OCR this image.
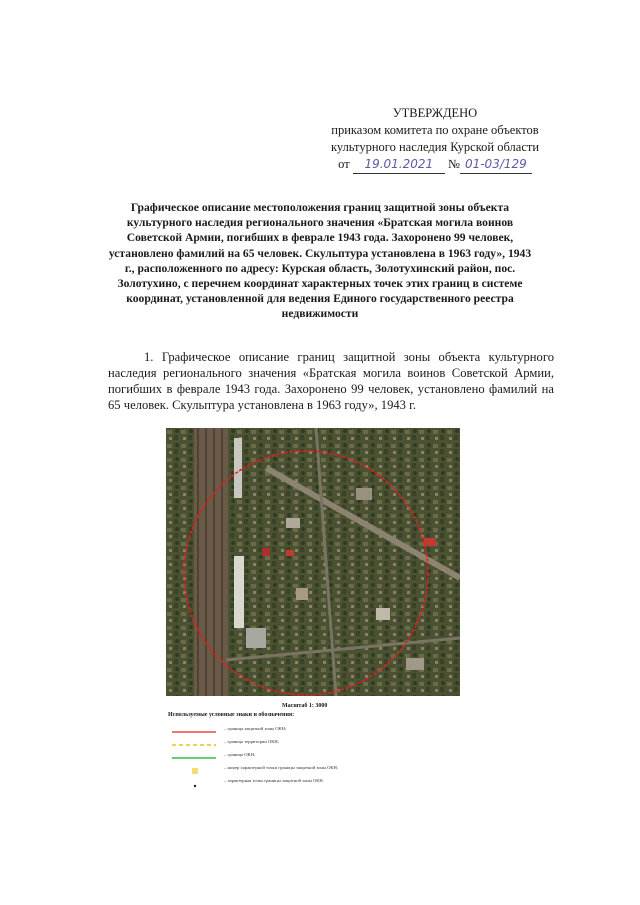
УТВЕРЖДЕНО
приказом комитета по охране объектов
культурного наследия Курской области
от 19.01.2021 № 01-03/129
Графическое описание местоположения границ защитной зоны объекта культурного наследия регионального значения «Братская могила воинов Советской Армии, погибших в феврале 1943 года. Захоронено 99 человек, установлено фамилий на 65 человек. Скульптура установлена в 1963 году», 1943 г., расположенного по адресу: Курская область, Золотухинский район, пос. Золотухино, с перечнем координат характерных точек этих границ в системе координат, установленной для ведения Единого государственного реестра недвижимости
1. Графическое описание границ защитной зоны объекта культурного наследия регионального значения «Братская могила воинов Советской Армии, погибших в феврале 1943 года. Захоронено 99 человек, установлено фамилий на 65 человек. Скульптура установлена в 1963 году», 1943 г.
Масштаб 1: 3000
Используемые условные знаки и обозначения:
– граница защитной зоны ОКН;
– граница территории ОКН;
– граница ОКН;
– номер характерной точки границы защитной зоны ОКН;
– характерная точка границы защитной зоны ОКН.
